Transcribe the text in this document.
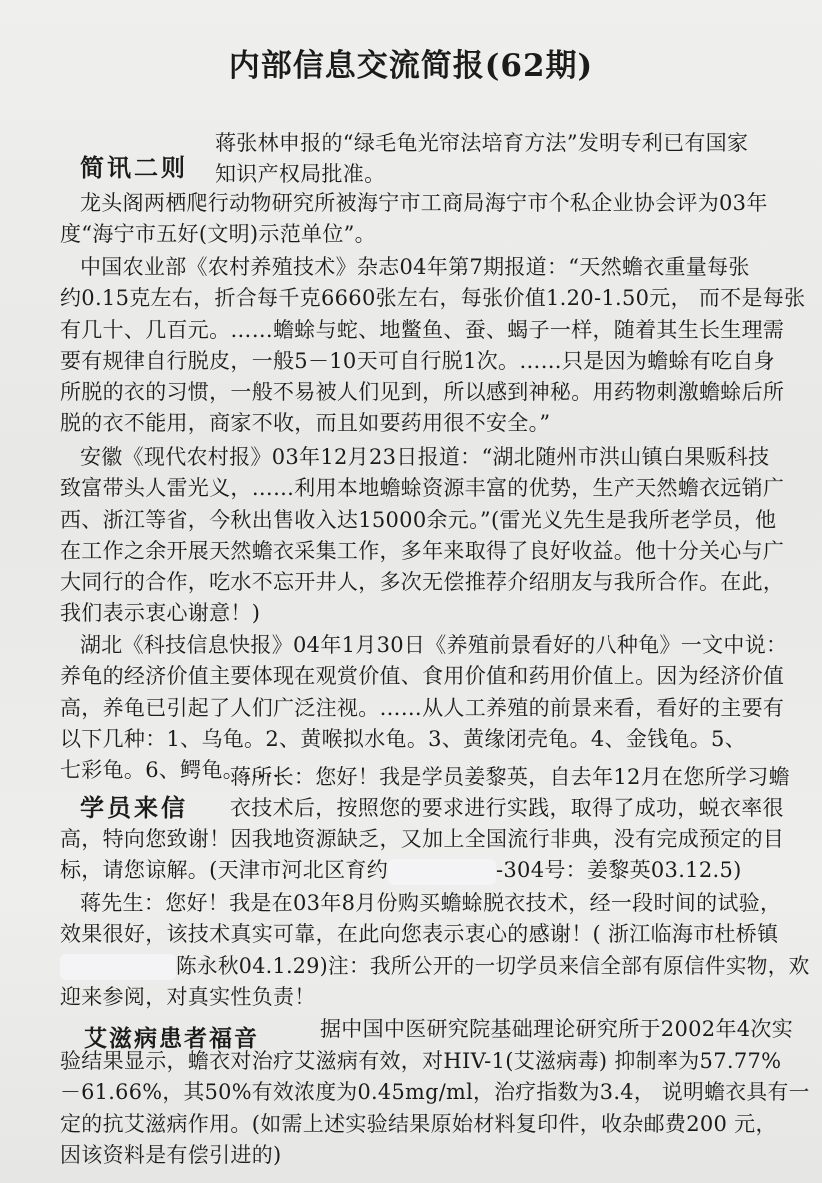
内部信息交流简报(62期)
简讯二则
蒋张林申报的“绿毛龟光帘法培育方法”发明专利已有国家
知识产权局批准。
龙头阁两栖爬行动物研究所被海宁市工商局海宁市个私企业协会评为03年
度“海宁市五好(文明)示范单位”。
中国农业部《农村养殖技术》杂志04年第7期报道：“天然蟾衣重量每张
约0.15克左右，折合每千克6660张左右，每张价值1.20-1.50元， 而不是每张
有几十、几百元。……蟾蜍与蛇、地鳖鱼、蚕、蝎子一样，随着其生长生理需
要有规律自行脱皮，一般5－10天可自行脱1次。……只是因为蟾蜍有吃自身
所脱的衣的习惯，一般不易被人们见到，所以感到神秘。用药物刺激蟾蜍后所
脱的衣不能用，商家不收，而且如要药用很不安全。”
安徽《现代农村报》03年12月23日报道：“湖北随州市洪山镇白果贩科技
致富带头人雷光义，……利用本地蟾蜍资源丰富的优势，生产天然蟾衣远销广
西、浙江等省，今秋出售收入达15000余元。”(雷光义先生是我所老学员，他
在工作之余开展天然蟾衣采集工作，多年来取得了良好收益。他十分关心与广
大同行的合作，吃水不忘开井人，多次无偿推荐介绍朋友与我所合作。在此，
我们表示衷心谢意！)
湖北《科技信息快报》04年1月30日《养殖前景看好的八种龟》一文中说：
养龟的经济价值主要体现在观赏价值、食用价值和药用价值上。因为经济价值
高，养龟已引起了人们广泛注视。……从人工养殖的前景来看，看好的主要有
以下几种：1、乌龟。2、黄喉拟水龟。3、黄缘闭壳龟。4、金钱龟。5、
七彩龟。6、鳄龟。……
学员来信
蒋所长：您好！我是学员姜黎英，自去年12月在您所学习蟾
衣技术后，按照您的要求进行实践，取得了成功，蜕衣率很
高，特向您致谢！因我地资源缺乏，又加上全国流行非典，没有完成预定的目
标，请您谅解。(天津市河北区育约	-304号：姜黎英03.12.5)
蒋先生：您好！我是在03年8月份购买蟾蜍脱衣技术，经一段时间的试验，
效果很好，该技术真实可靠，在此向您表示衷心的感谢！( 浙江临海市杜桥镇
陈永秋04.1.29)注：我所公开的一切学员来信全部有原信件实物，欢
迎来参阅，对真实性负责！
艾滋病患者福音	据中国中医研究院基础理论研究所于2002年4次实
验结果显示，蟾衣对治疗艾滋病有效，对HIV-1(艾滋病毒) 抑制率为57.77%
－61.66%，其50%有效浓度为0.45mg/ml，治疗指数为3.4， 说明蟾衣具有一
定的抗艾滋病作用。(如需上述实验结果原始材料复印件，收杂邮费200 元，
因该资料是有偿引进的)
